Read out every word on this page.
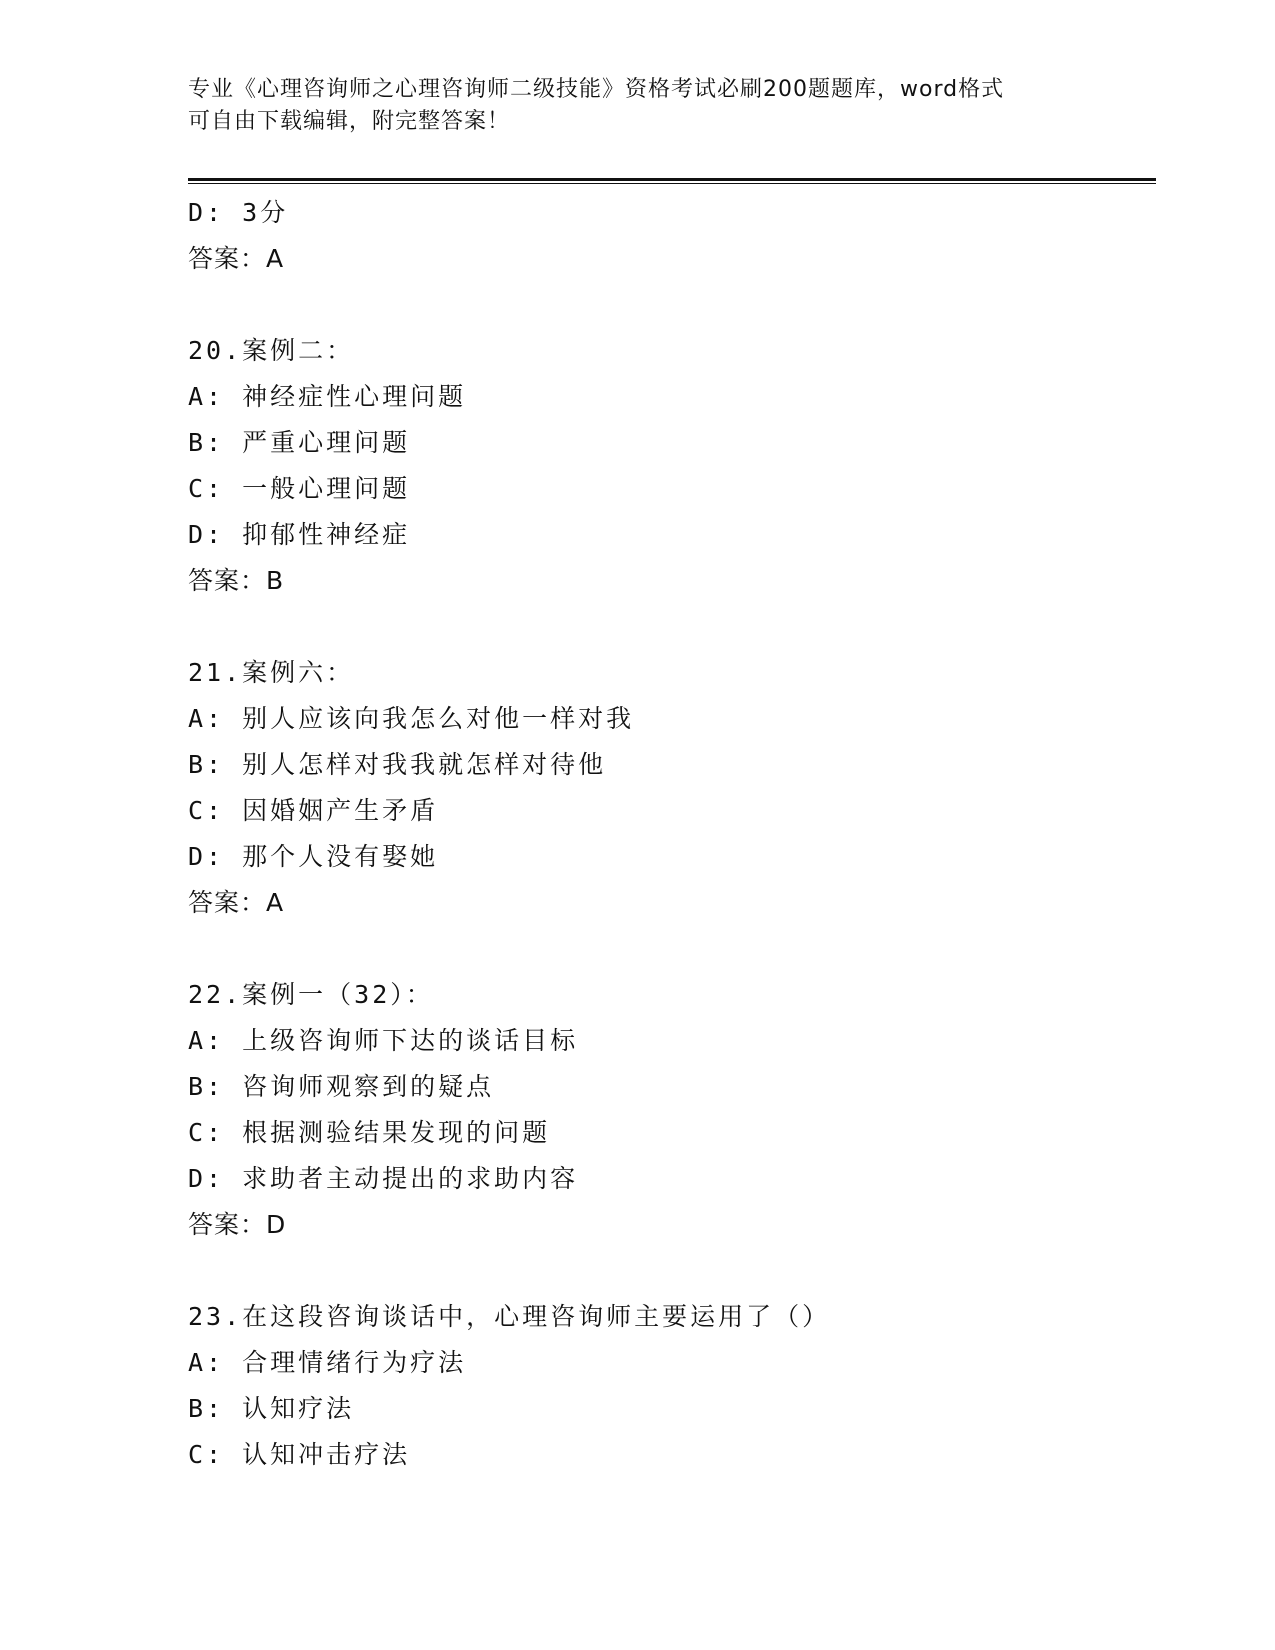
专业《心理咨询师之心理咨询师二级技能》资格考试必刷200题题库，word格式
可自由下载编辑，附完整答案！
D: 3分
答案：A
20.案例二：
A: 神经症性心理问题
B: 严重心理问题
C: 一般心理问题
D: 抑郁性神经症
答案：B
21.案例六：
A: 别人应该向我怎么对他一样对我
B: 别人怎样对我我就怎样对待他
C: 因婚姻产生矛盾
D: 那个人没有娶她
答案：A
22.案例一（32）：
A: 上级咨询师下达的谈话目标
B: 咨询师观察到的疑点
C: 根据测验结果发现的问题
D: 求助者主动提出的求助内容
答案：D
23.在这段咨询谈话中，心理咨询师主要运用了（）
A: 合理情绪行为疗法
B: 认知疗法
C: 认知冲击疗法
